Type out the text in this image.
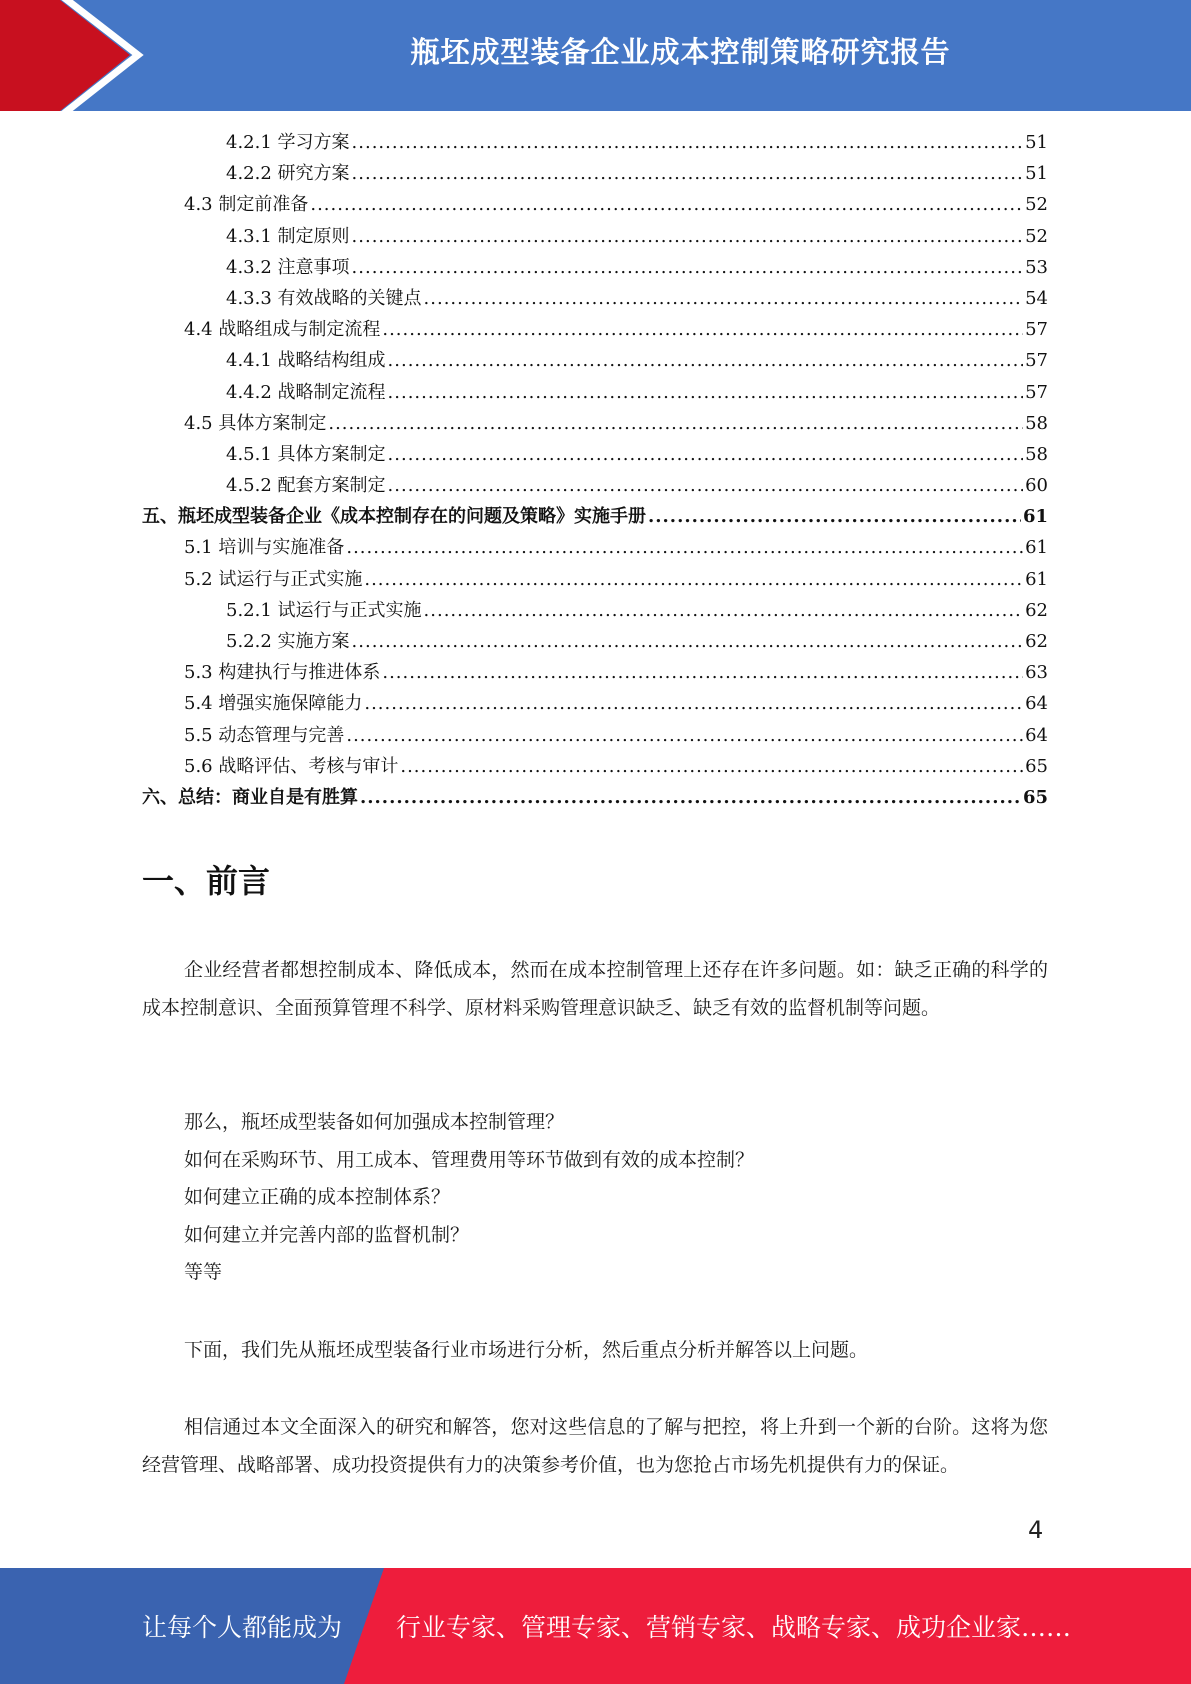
瓶坯成型装备企业成本控制策略研究报告
4.2.1 学习方案 .....	51
4.2.2 研究方案 .....	51
4.3 制定前准备 .....	52
4.3.1 制定原则 .....	52
4.3.2 注意事项 .....	53
4.3.3 有效战略的关键点 .....	54
4.4 战略组成与制定流程 .....	57
4.4.1 战略结构组成 .....	57
4.4.2 战略制定流程 .....	57
4.5 具体方案制定 .....	58
4.5.1 具体方案制定 .....	58
4.5.2 配套方案制定 .....	60
五、 瓶坯成型装备企业《成本控制存在的问题及策略》实施手册 .....	61
5.1 培训与实施准备 .....	61
5.2 试运行与正式实施 .....	61
5.2.1 试运行与正式实施 .....	62
5.2.2 实施方案 .....	62
5.3 构建执行与推进体系 .....	63
5.4 增强实施保障能力 .....	64
5.5 动态管理与完善 .....	64
5.6 战略评估、考核与审计 .....	65
六、 总结：商业自是有胜算 .....	65
一、前言

企业经营者都想控制成本、降低成本，然而在成本控制管理上还存在许多问题。如：缺乏正确的科学的成本控制意识、全面预算管理不科学、原材料采购管理意识缺乏、缺乏有效的监督机制等问题。

那么，瓶坯成型装备如何加强成本控制管理？
如何在采购环节、用工成本、管理费用等环节做到有效的成本控制？
如何建立正确的成本控制体系？
如何建立并完善内部的监督机制？
等等

下面，我们先从瓶坯成型装备行业市场进行分析，然后重点分析并解答以上问题。

相信通过本文全面深入的研究和解答，您对这些信息的了解与把控，将上升到一个新的台阶。这将为您经营管理、战略部署、成功投资提供有力的决策参考价值，也为您抢占市场先机提供有力的保证。

4
让每个人都能成为 行业专家、管理专家、营销专家、战略专家、成功企业家……
